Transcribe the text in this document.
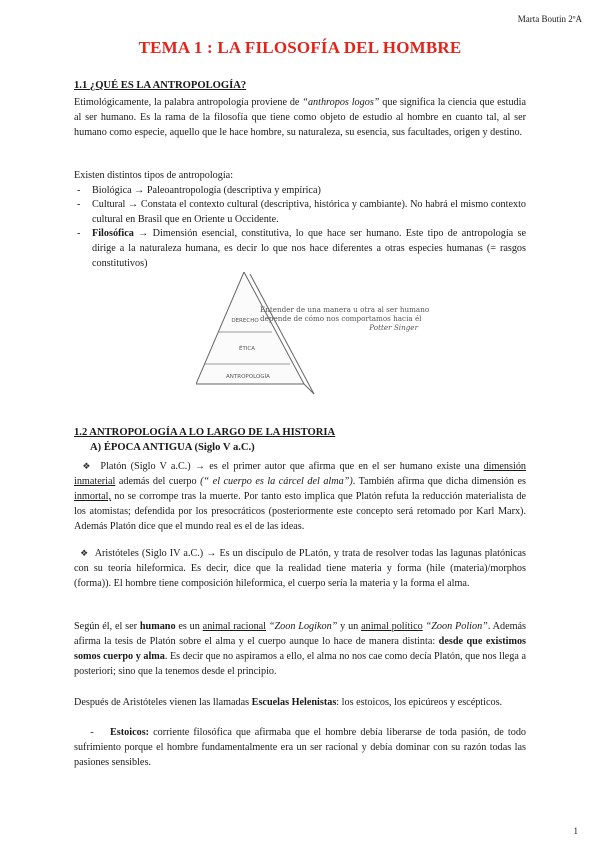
Marta Boutin 2ºA
TEMA 1 : LA FILOSOFÍA DEL HOMBRE
1.1 ¿QUÉ ES LA ANTROPOLOGÍA?
Etimológicamente, la palabra antropología proviene de “anthropos logos” que significa la ciencia que estudia al ser humano. Es la rama de la filosofía que tiene como objeto de estudio al hombre en cuanto tal, al ser humano como especie, aquello que le hace hombre, su naturaleza, su esencia, sus facultades, origen y destino.
Existen distintos tipos de antropología:
- Biológica → Paleoantropología (descriptiva y empírica)
- Cultural → Constata el contexto cultural (descriptiva, histórica y cambiante). No habrá el mismo contexto cultural en Brasil que en Oriente u Occidente.
- Filosófica → Dimensión esencial, constitutiva, lo que hace ser humano. Este tipo de antropología se dirige a la naturaleza humana, es decir lo que nos hace diferentes a otras especies humanas (= rasgos constitutivos)
DERECHO
ÉTICA
ANTROPOLOGÍA
Entender de una manera u otra al ser humano
depende de cómo nos comportamos hacia él

Potter Singer
1.2 ANTROPOLOGÍA A LO LARGO DE LA HISTORIA
A) ÉPOCA ANTIGUA (Siglo V a.C.)
❖ Platón (Siglo V a.C.) → es el primer autor que afirma que en el ser humano existe una dimensión inmaterial además del cuerpo (“ el cuerpo es la cárcel del alma”). También afirma que dicha dimensión es inmortal, no se corrompe tras la muerte. Por tanto esto implica que Platón refuta la reducción materialista de los atomistas; defendida por los presocráticos (posteriormente este concepto será retomado por Karl Marx). Además Platón dice que el mundo real es el de las ideas.
❖ Aristóteles (Siglo IV a.C.) → Es un discípulo de PLatón, y trata de resolver todas las lagunas platónicas con su teoría hileformica. Es decir, dice que la realidad tiene materia y forma (hile (materia)/morphos (forma)). El hombre tiene composición hileformica, el cuerpo sería la materia y la forma el alma.
Según él, el ser humano es un animal racional “Zoon Logikon” y un animal político “Zoon Polion”. Además afirma la tesis de Platón sobre el alma y el cuerpo aunque lo hace de manera distinta: desde que existimos somos cuerpo y alma. Es decir que no aspiramos a ello, el alma no nos cae como decía Platón, que nos llega a posteriori; sino que la tenemos desde el principio.
Después de Aristóteles vienen las llamadas Escuelas Helenistas: los estoicos, los epicúreos y escépticos.
- Estoicos: corriente filosófica que afirmaba que el hombre debía liberarse de toda pasión, de todo sufrimiento porque el hombre fundamentalmente era un ser racional y debía dominar con su razón todas las pasiones sensibles.
1
